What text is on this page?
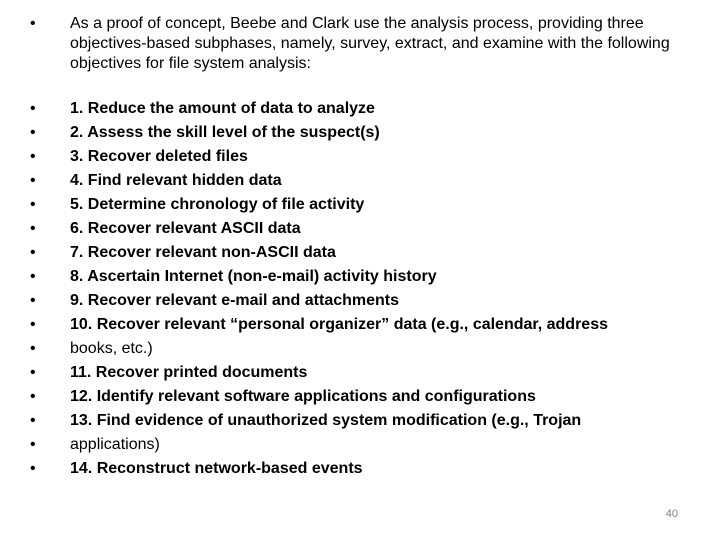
•	As a proof of concept, Beebe and Clark use the analysis process, providing three objectives-based subphases, namely, survey, extract, and examine with the following objectives for file system analysis:
•	1. Reduce the amount of data to analyze
•	2. Assess the skill level of the suspect(s)
•	3. Recover deleted files
•	4. Find relevant hidden data
•	5. Determine chronology of file activity
•	6. Recover relevant ASCII data
•	7. Recover relevant non-ASCII data
•	8. Ascertain Internet (non-e-mail) activity history
•	9. Recover relevant e-mail and attachments
•	10. Recover relevant “personal organizer” data (e.g., calendar, address
•	books, etc.)
•	11. Recover printed documents
•	12. Identify relevant software applications and configurations
•	13. Find evidence of unauthorized system modification (e.g., Trojan
•	applications)
•	14. Reconstruct network-based events
40
